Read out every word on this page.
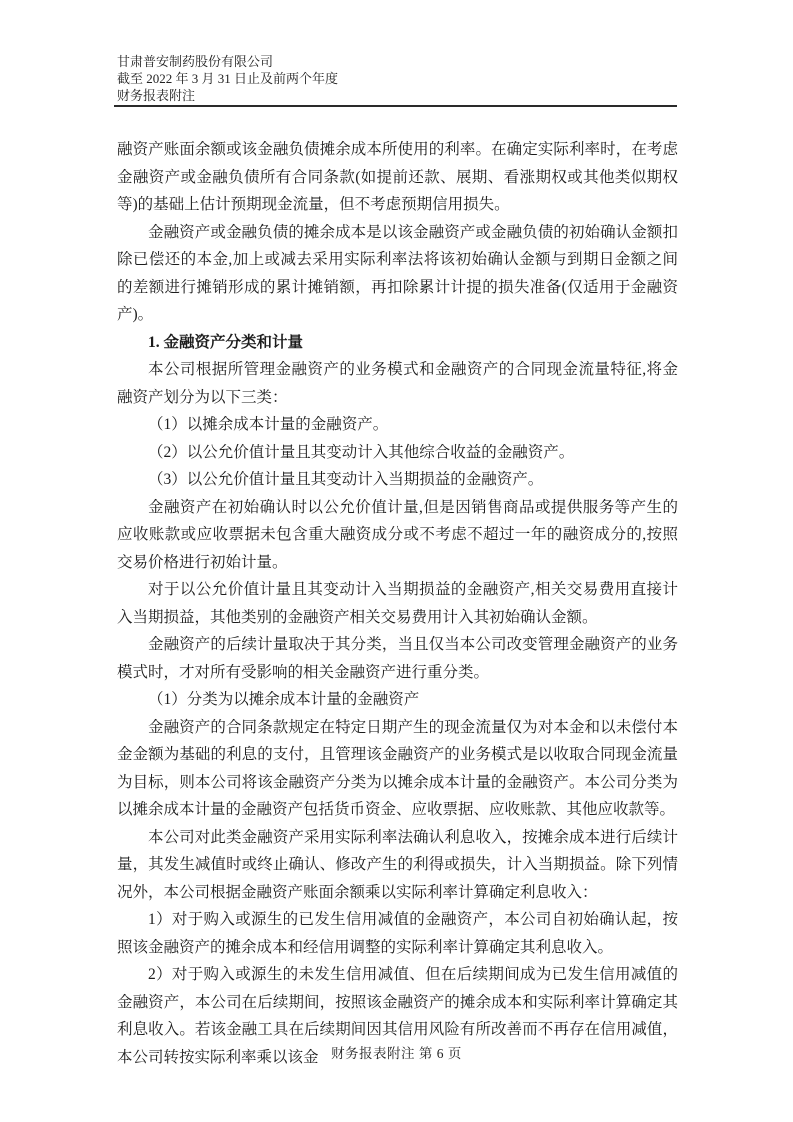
甘肃普安制药股份有限公司
截至 2022 年 3 月 31 日止及前两个年度
财务报表附注

融资产账面余额或该金融负债摊余成本所使用的利率。在确定实际利率时，在考虑金融资产或金融负债所有合同条款(如提前还款、展期、看涨期权或其他类似期权等)的基础上估计预期现金流量，但不考虑预期信用损失。

金融资产或金融负债的摊余成本是以该金融资产或金融负债的初始确认金额扣除已偿还的本金,加上或减去采用实际利率法将该初始确认金额与到期日金额之间的差额进行摊销形成的累计摊销额，再扣除累计计提的损失准备(仅适用于金融资产)。

1. 金融资产分类和计量

本公司根据所管理金融资产的业务模式和金融资产的合同现金流量特征,将金融资产划分为以下三类：

（1）以摊余成本计量的金融资产。

（2）以公允价值计量且其变动计入其他综合收益的金融资产。

（3）以公允价值计量且其变动计入当期损益的金融资产。

金融资产在初始确认时以公允价值计量,但是因销售商品或提供服务等产生的应收账款或应收票据未包含重大融资成分或不考虑不超过一年的融资成分的,按照交易价格进行初始计量。

对于以公允价值计量且其变动计入当期损益的金融资产,相关交易费用直接计入当期损益，其他类别的金融资产相关交易费用计入其初始确认金额。

金融资产的后续计量取决于其分类，当且仅当本公司改变管理金融资产的业务模式时，才对所有受影响的相关金融资产进行重分类。

（1）分类为以摊余成本计量的金融资产

金融资产的合同条款规定在特定日期产生的现金流量仅为对本金和以未偿付本金金额为基础的利息的支付，且管理该金融资产的业务模式是以收取合同现金流量为目标，则本公司将该金融资产分类为以摊余成本计量的金融资产。本公司分类为以摊余成本计量的金融资产包括货币资金、应收票据、应收账款、其他应收款等。

本公司对此类金融资产采用实际利率法确认利息收入，按摊余成本进行后续计量，其发生减值时或终止确认、修改产生的利得或损失，计入当期损益。除下列情况外，本公司根据金融资产账面余额乘以实际利率计算确定利息收入：

1）对于购入或源生的已发生信用减值的金融资产，本公司自初始确认起，按照该金融资产的摊余成本和经信用调整的实际利率计算确定其利息收入。

2）对于购入或源生的未发生信用减值、但在后续期间成为已发生信用减值的金融资产，本公司在后续期间，按照该金融资产的摊余成本和实际利率计算确定其利息收入。若该金融工具在后续期间因其信用风险有所改善而不再存在信用减值，本公司转按实际利率乘以该金 财务报表附注 第 6 页
